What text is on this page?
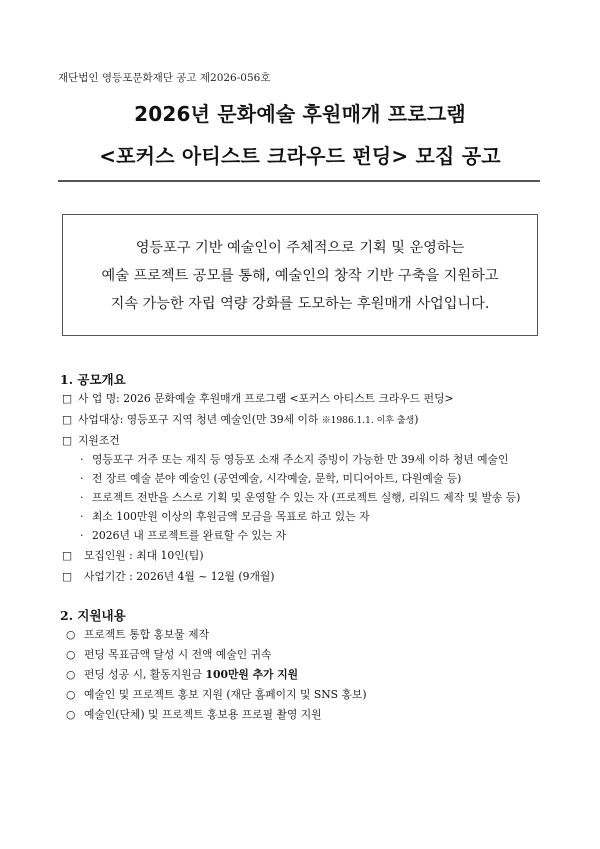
재단법인 영등포문화재단 공고 제2026-056호
2026년 문화예술 후원매개 프로그램
<포커스 아티스트 크라우드 펀딩> 모집 공고
영등포구 기반 예술인이 주체적으로 기획 및 운영하는
예술 프로젝트 공모를 통해, 예술인의 창작 기반 구축을 지원하고
지속 가능한 자립 역량 강화를 도모하는 후원매개 사업입니다.
1. 공모개요
□ 사 업 명: 2026 문화예술 후원매개 프로그램 <포커스 아티스트 크라우드 펀딩>
□ 사업대상: 영등포구 지역 청년 예술인(만 39세 이하 ※1986.1.1. 이후 출생)
□ 지원조건
· 영등포구 거주 또는 재직 등 영등포 소재 주소지 증빙이 가능한 만 39세 이하 청년 예술인
· 전 장르 예술 분야 예술인 (공연예술, 시각예술, 문학, 미디어아트, 다원예술 등)
· 프로젝트 전반을 스스로 기획 및 운영할 수 있는 자 (프로젝트 실행, 리워드 제작 및 발송 등)
· 최소 100만원 이상의 후원금액 모금을 목표로 하고 있는 자
· 2026년 내 프로젝트를 완료할 수 있는 자
□ 모집인원 : 최대 10인(팀)
□ 사업기간 : 2026년 4월 ~ 12월 (9개월)
2. 지원내용
○ 프로젝트 통합 홍보물 제작
○ 펀딩 목표금액 달성 시 전액 예술인 귀속
○ 펀딩 성공 시, 활동지원금 100만원 추가 지원
○ 예술인 및 프로젝트 홍보 지원 (재단 홈페이지 및 SNS 홍보)
○ 예술인(단체) 및 프로젝트 홍보용 프로필 촬영 지원
